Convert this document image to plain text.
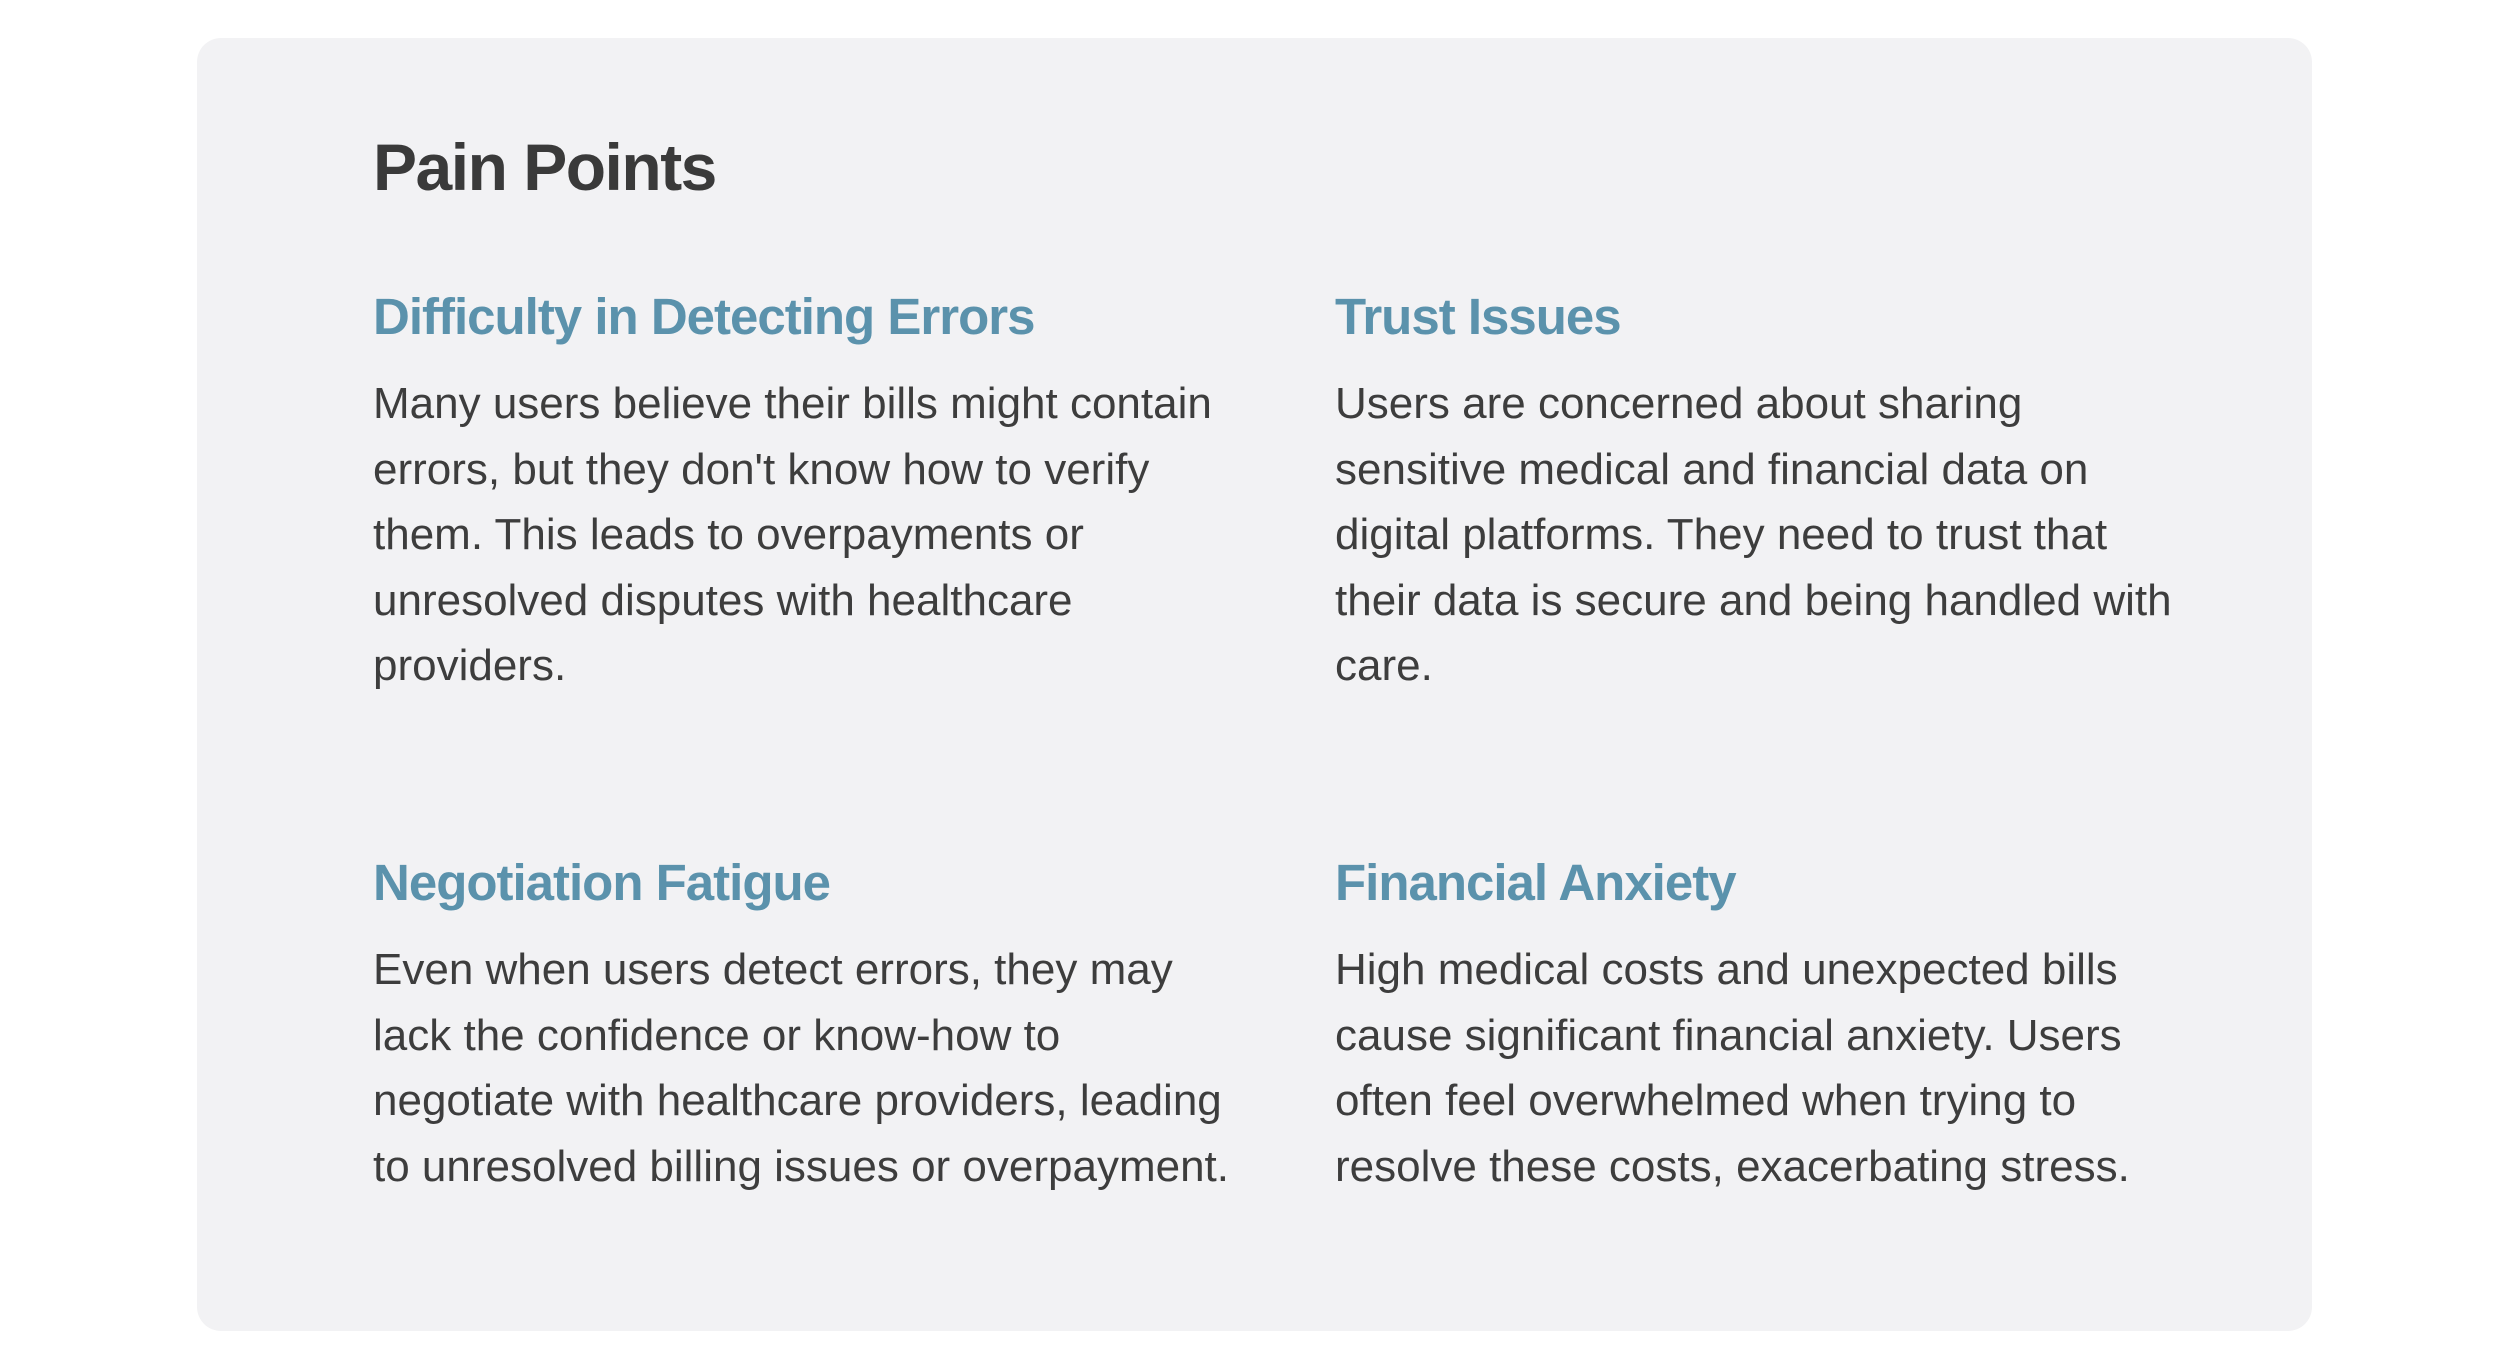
Pain Points
Difficulty in Detecting Errors

Many users believe their bills might contain errors, but they don't know how to verify them. This leads to overpayments or unresolved disputes with healthcare providers.

Trust Issues

Users are concerned about sharing sensitive medical and financial data on digital platforms. They need to trust that their data is secure and being handled with care.

Negotiation Fatigue

Even when users detect errors, they may lack the confidence or know-how to negotiate with healthcare providers, leading to unresolved billing issues or overpayment.

Financial Anxiety

High medical costs and unexpected bills cause significant financial anxiety. Users often feel overwhelmed when trying to resolve these costs, exacerbating stress.
